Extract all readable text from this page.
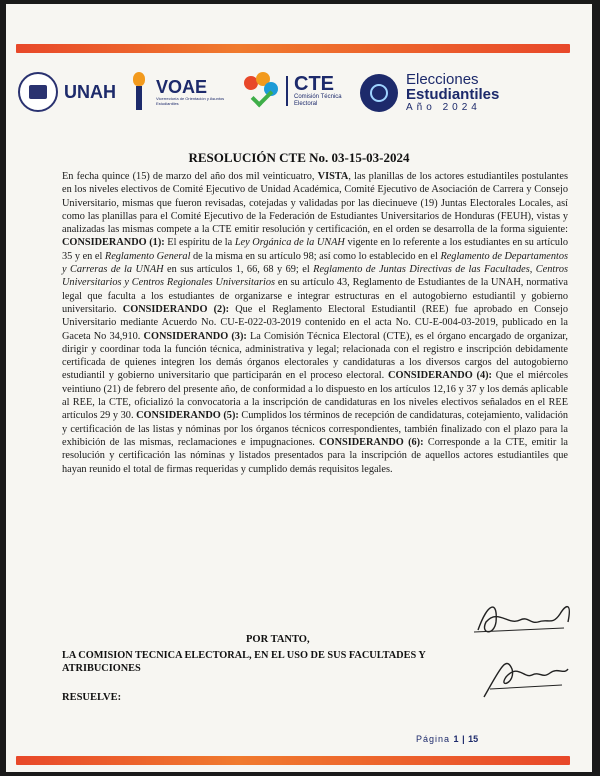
UNAH VOAE
Vicerrectoría de Orientación y Asuntos Estudiantiles
CTE
Comisión Técnica Electoral
Elecciones
Estudiantiles
Año 2024
RESOLUCIÓN CTE No. 03-15-03-2024
En fecha quince (15) de marzo del año dos mil veinticuatro, VISTA, las planillas de los actores estudiantiles postulantes en los niveles electivos de Comité Ejecutivo de Unidad Académica, Comité Ejecutivo de Asociación de Carrera y Consejo Universitario, mismas que fueron revisadas, cotejadas y validadas por las diecinueve (19) Juntas Electorales Locales, así como las planillas para el Comité Ejecutivo de la Federación de Estudiantes Universitarios de Honduras (FEUH), vistas y analizadas las mismas compete a la CTE emitir resolución y certificación, en el orden se desarrolla de la forma siguiente: CONSIDERANDO (1): El espíritu de la Ley Orgánica de la UNAH vigente en lo referente a los estudiantes en su artículo 35 y en el Reglamento General de la misma en su artículo 98; así como lo establecido en el Reglamento de Departamentos y Carreras de la UNAH en sus artículos 1, 66, 68 y 69; el Reglamento de Juntas Directivas de las Facultades, Centros Universitarios y Centros Regionales Universitarios en su artículo 43, Reglamento de Estudiantes de la UNAH, normativa legal que faculta a los estudiantes de organizarse e integrar estructuras en el autogobierno estudiantil y gobierno universitario. CONSIDERANDO (2): Que el Reglamento Electoral Estudiantil (REE) fue aprobado en Consejo Universitario mediante Acuerdo No. CU-E-022-03-2019 contenido en el acta No. CU-E-004-03-2019, publicado en la Gaceta No 34,910. CONSIDERANDO (3): La Comisión Técnica Electoral (CTE), es el órgano encargado de organizar, dirigir y coordinar toda la función técnica, administrativa y legal; relacionada con el registro e inscripción debidamente certificada de quienes integren los demás órganos electorales y candidaturas a los diversos cargos del autogobierno estudiantil y gobierno universitario que participarán en el proceso electoral. CONSIDERANDO (4): Que el miércoles veintiuno (21) de febrero del presente año, de conformidad a lo dispuesto en los artículos 12,16 y 37 y los demás aplicable al REE, la CTE, oficializó la convocatoria a la inscripción de candidaturas en los niveles electivos señalados en el REE artículos 29 y 30. CONSIDERANDO (5): Cumplidos los términos de recepción de candidaturas, cotejamiento, validación y certificación de las listas y nóminas por los órganos técnicos correspondientes, también finalizado con el plazo para la exhibición de las mismas, reclamaciones e impugnaciones. CONSIDERANDO (6): Corresponde a la CTE, emitir la resolución y certificación las nóminas y listados presentados para la inscripción de aquellos actores estudiantiles que hayan reunido el total de firmas requeridas y cumplido demás requisitos legales.
POR TANTO,
LA COMISION TECNICA ELECTORAL, EN EL USO DE SUS FACULTADES Y ATRIBUCIONES
RESUELVE:
Página 1 | 15
